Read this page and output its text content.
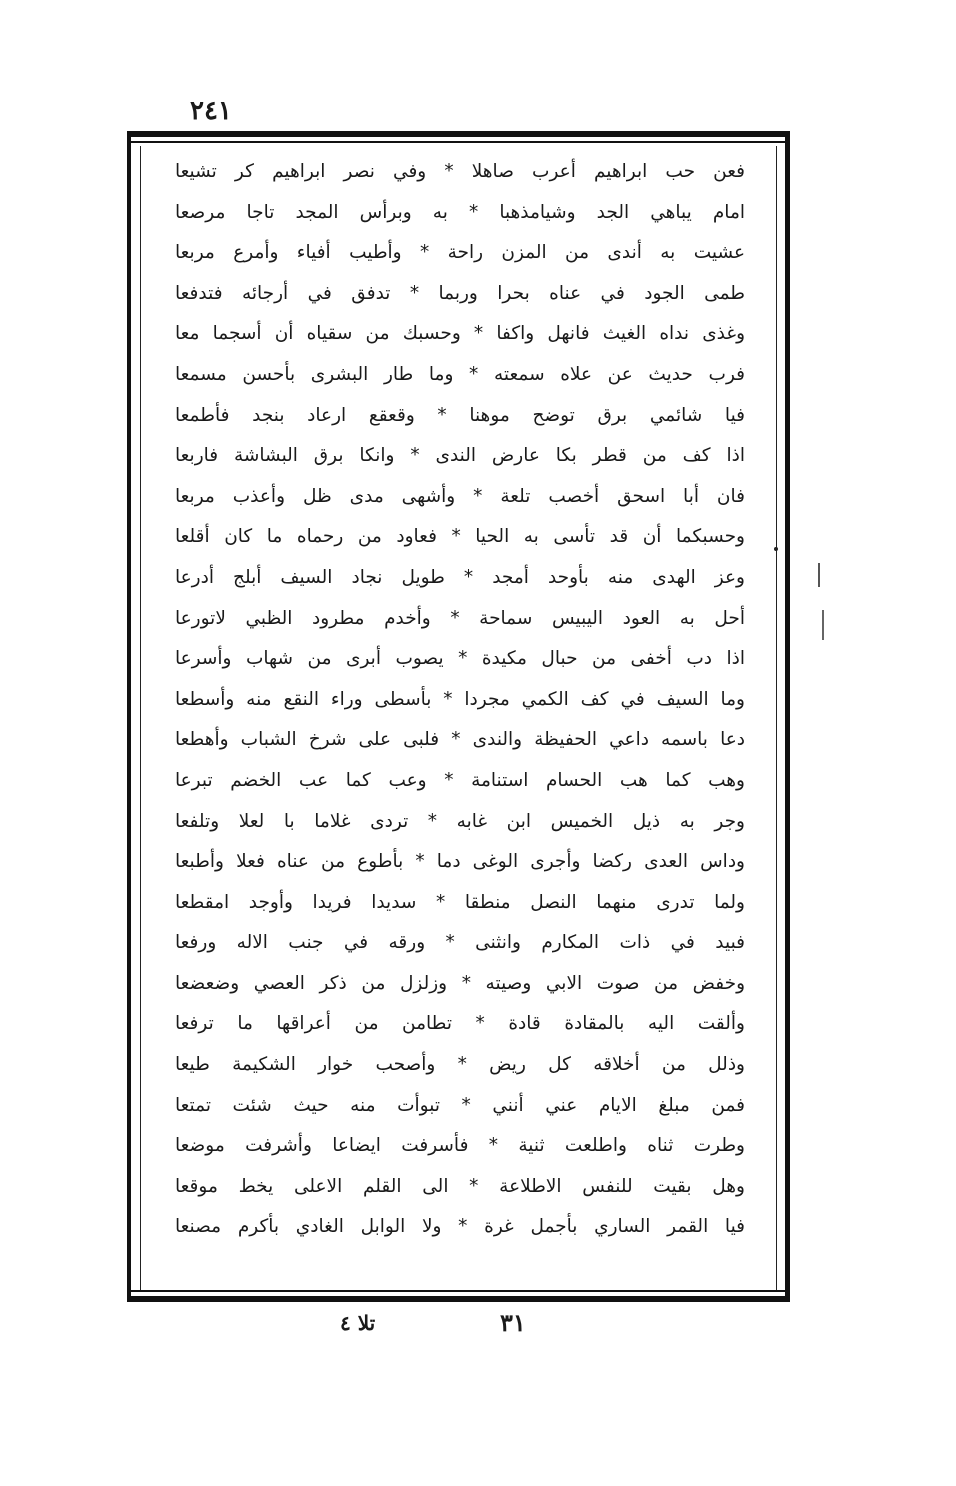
٢٤١
فعن حب ابراهيم أعرب صاهلا * وفي نصر ابراهيم كر تشيعا
امام يباهي الجد وشيامذهبا * به وبرأس المجد تاجا مرصعا
عشيت به أندى من المزن راحة * وأطيب أفياء وأمرع مربعا
طمى الجود في عناه بحرا وربما * تدفق في أرجائه فتدفعا
وغذى نداه الغيث فانهل واكفا * وحسبك من سقياه أن أسجما معا
فرب حديث عن علاه سمعته * وما طار البشرى بأحسن مسمعا
فيا شائمي برق توضح موهنا * وقعقع ارعاد بنجد فأطمعا
اذا كف من قطر بكا عارض الندى * وانكا برق البشاشة فاربعا
فان أبا اسحق أخصب تلعة * وأشهى مدى ظل وأعذب مربعا
وحسبكما أن قد تأسى به الحيا * فعاود من رحماه ما كان أقلعا
وعز الهدى منه بأوحد أمجد * طويل نجاد السيف أبلج أدرعا
أحل به العود اليبيس سماحة * وأخدم مطرود الظبي لاتورعا
اذا دب أخفى من حبال مكيدة * يصوب أبرى من شهاب وأسرعا
وما السيف في كف الكمي مجردا * بأسطى وراء النقع منه وأسطعا
دعا باسمه داعي الحفيظة والندى * فلبى على شرخ الشباب وأهطعا
وهب كما هب الحسام استنامة * وعب كما عب الخضم تبرعا
وجر به ذيل الخميس ابن غابه * تردى غلاما با لعلا وتلفعا
وداس العدى ركضا وأجرى الوغى دما * بأطوع من عناه فعلا وأطبعا
ولما تدرى منهما النصل منطقا * سديدا فريدا وأوجد امقطعا
فبيد في ذات المكارم وانثنى * ورقه في جنب الاله ورفعا
وخفض من صوت الابي وصيته * وزلزل من ذكر العصي وضعضعا
وألقت اليه بالمقادة قادة * تطامن من أعراقها ما ترفعا
وذلل من أخلاقه كل ريض * وأصحب خوار الشكيمة طيعا
فمن مبلغ الايام عني أنني * تبوأت منه حيث شئت تمتعا
وطرت ثناه واطلعت ثنية * فأسرفت ايضاعا وأشرفت موضعا
وهل بقيت للنفس الاطلاعة * الى القلم الاعلى يخط موقعا
فيا القمر الساري بأجمل غرة * ولا الوابل الغادي بأكرم مصنعا
تلا ٤	٣١
